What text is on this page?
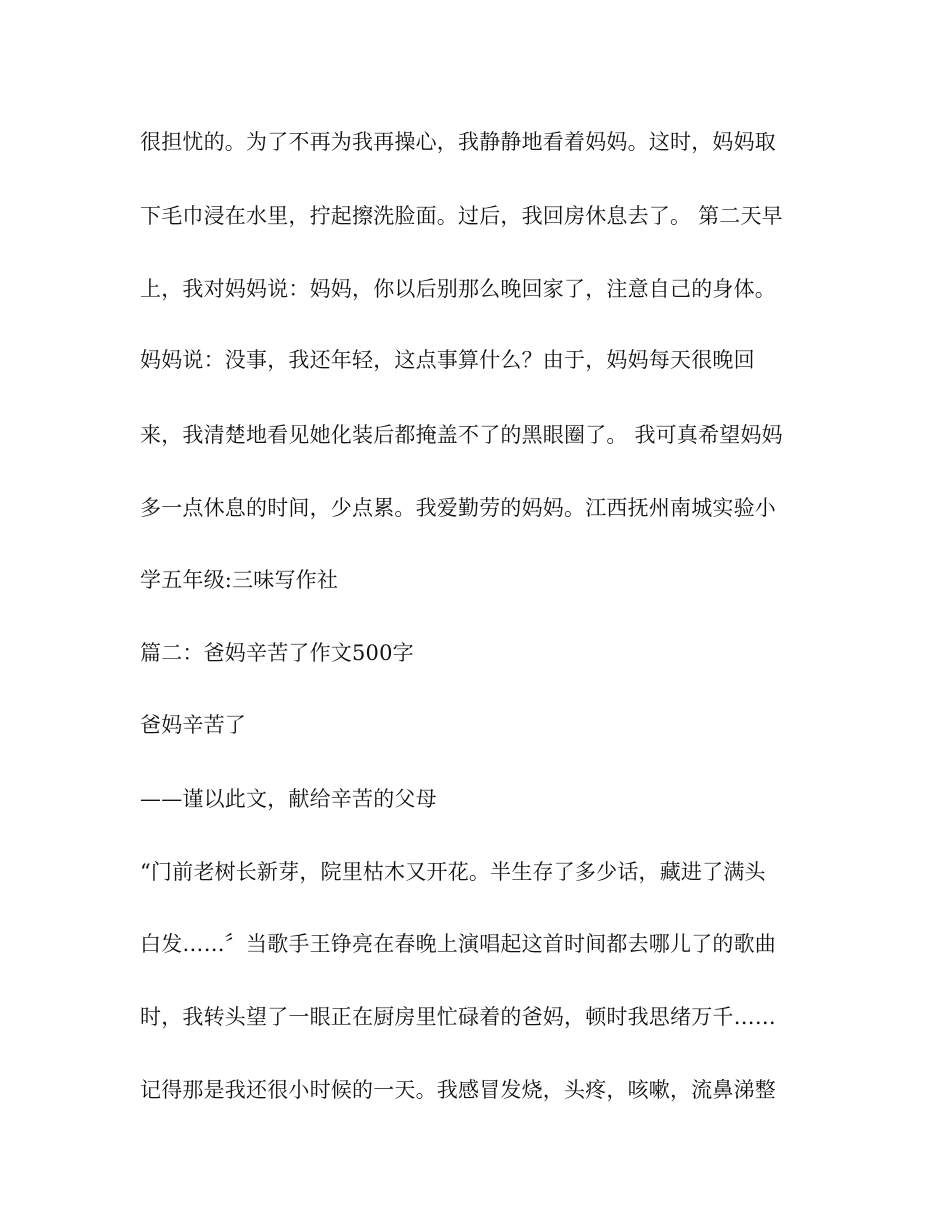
很担忧的。为了不再为我再操心，我静静地看着妈妈。这时，妈妈取

下毛巾浸在水里，拧起擦洗脸面。过后，我回房休息去了。 第二天早

上，我对妈妈说：妈妈，你以后别那么晚回家了，注意自己的身体。

妈妈说：没事，我还年轻，这点事算什么？由于，妈妈每天很晚回

来，我清楚地看见她化装后都掩盖不了的黑眼圈了。 我可真希望妈妈

多一点休息的时间，少点累。我爱勤劳的妈妈。江西抚州南城实验小

学五年级:三味写作社

篇二：爸妈辛苦了作文500字

爸妈辛苦了

——谨以此文，献给辛苦的父母

“门前老树长新芽，院里枯木又开花。半生存了多少话，藏进了满头

白发……〞当歌手王铮亮在春晚上演唱起这首时间都去哪儿了的歌曲

时，我转头望了一眼正在厨房里忙碌着的爸妈，顿时我思绪万千……

记得那是我还很小时候的一天。我感冒发烧，头疼，咳嗽，流鼻涕整
